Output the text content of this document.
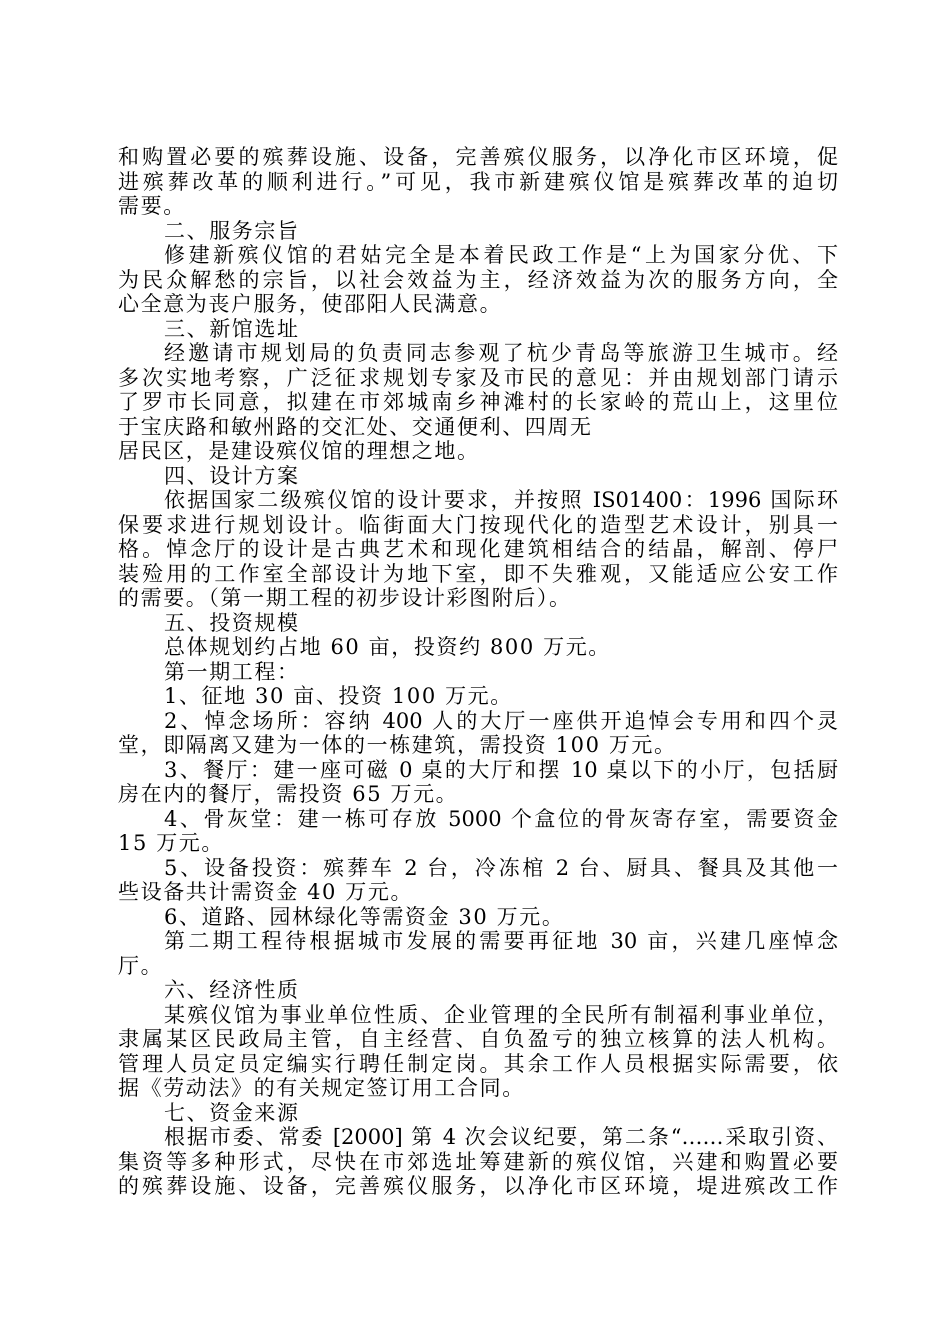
和购置必要的殡葬设施、设备，完善殡仪服务，以净化市区环境，促
进殡葬改革的顺利进行。”可见，我市新建殡仪馆是殡葬改革的迫切
需要。
二、服务宗旨
修建新殡仪馆的君姑完全是本着民政工作是“上为国家分优、下
为民众解愁的宗旨，以社会效益为主，经济效益为次的服务方向，全
心全意为丧户服务，使邵阳人民满意。
三、新馆选址
经邀请市规划局的负责同志参观了杭少青岛等旅游卫生城市。经
多次实地考察，广泛征求规划专家及市民的意见：并由规划部门请示
了罗市长同意，拟建在市郊城南乡神滩村的长家岭的荒山上，这里位
于宝庆路和敏州路的交汇处、交通便利、四周无
居民区，是建设殡仪馆的理想之地。
四、设计方案
依据国家二级殡仪馆的设计要求，并按照 IS01400：1996 国际环
保要求进行规划设计。临街面大门按现代化的造型艺术设计，别具一
格。悼念厅的设计是古典艺术和现化建筑相结合的结晶，解剖、停尸
装殓用的工作室全部设计为地下室，即不失雅观，又能适应公安工作
的需要。（第一期工程的初步设计彩图附后）。
五、投资规模
总体规划约占地 60 亩，投资约 800 万元。
第一期工程：
1、征地 30 亩、投资 100 万元。
2、悼念场所：容纳 400 人的大厅一座供开追悼会专用和四个灵
堂，即隔离又建为一体的一栋建筑，需投资 100 万元。
3、餐厅：建一座可磁 0 桌的大厅和摆 10 桌以下的小厅，包括厨
房在内的餐厅，需投资 65 万元。
4、骨灰堂：建一栋可存放 5000 个盒位的骨灰寄存室，需要资金
15 万元。
5、设备投资：殡葬车 2 台，冷冻棺 2 台、厨具、餐具及其他一
些设备共计需资金 40 万元。
6、道路、园林绿化等需资金 30 万元。
第二期工程待根据城市发展的需要再征地 30 亩，兴建几座悼念
厅。
六、经济性质
某殡仪馆为事业单位性质、企业管理的全民所有制福利事业单位，
隶属某区民政局主管，自主经营、自负盈亏的独立核算的法人机构。
管理人员定员定编实行聘任制定岗。其余工作人员根据实际需要，依
据《劳动法》的有关规定签订用工合同。
七、资金来源
根据市委、常委 [2000] 第 4 次会议纪要，第二条“……采取引资、
集资等多种形式，尽快在市郊选址筹建新的殡仪馆，兴建和购置必要
的殡葬设施、设备，完善殡仪服务，以净化市区环境，堤进殡改工作
